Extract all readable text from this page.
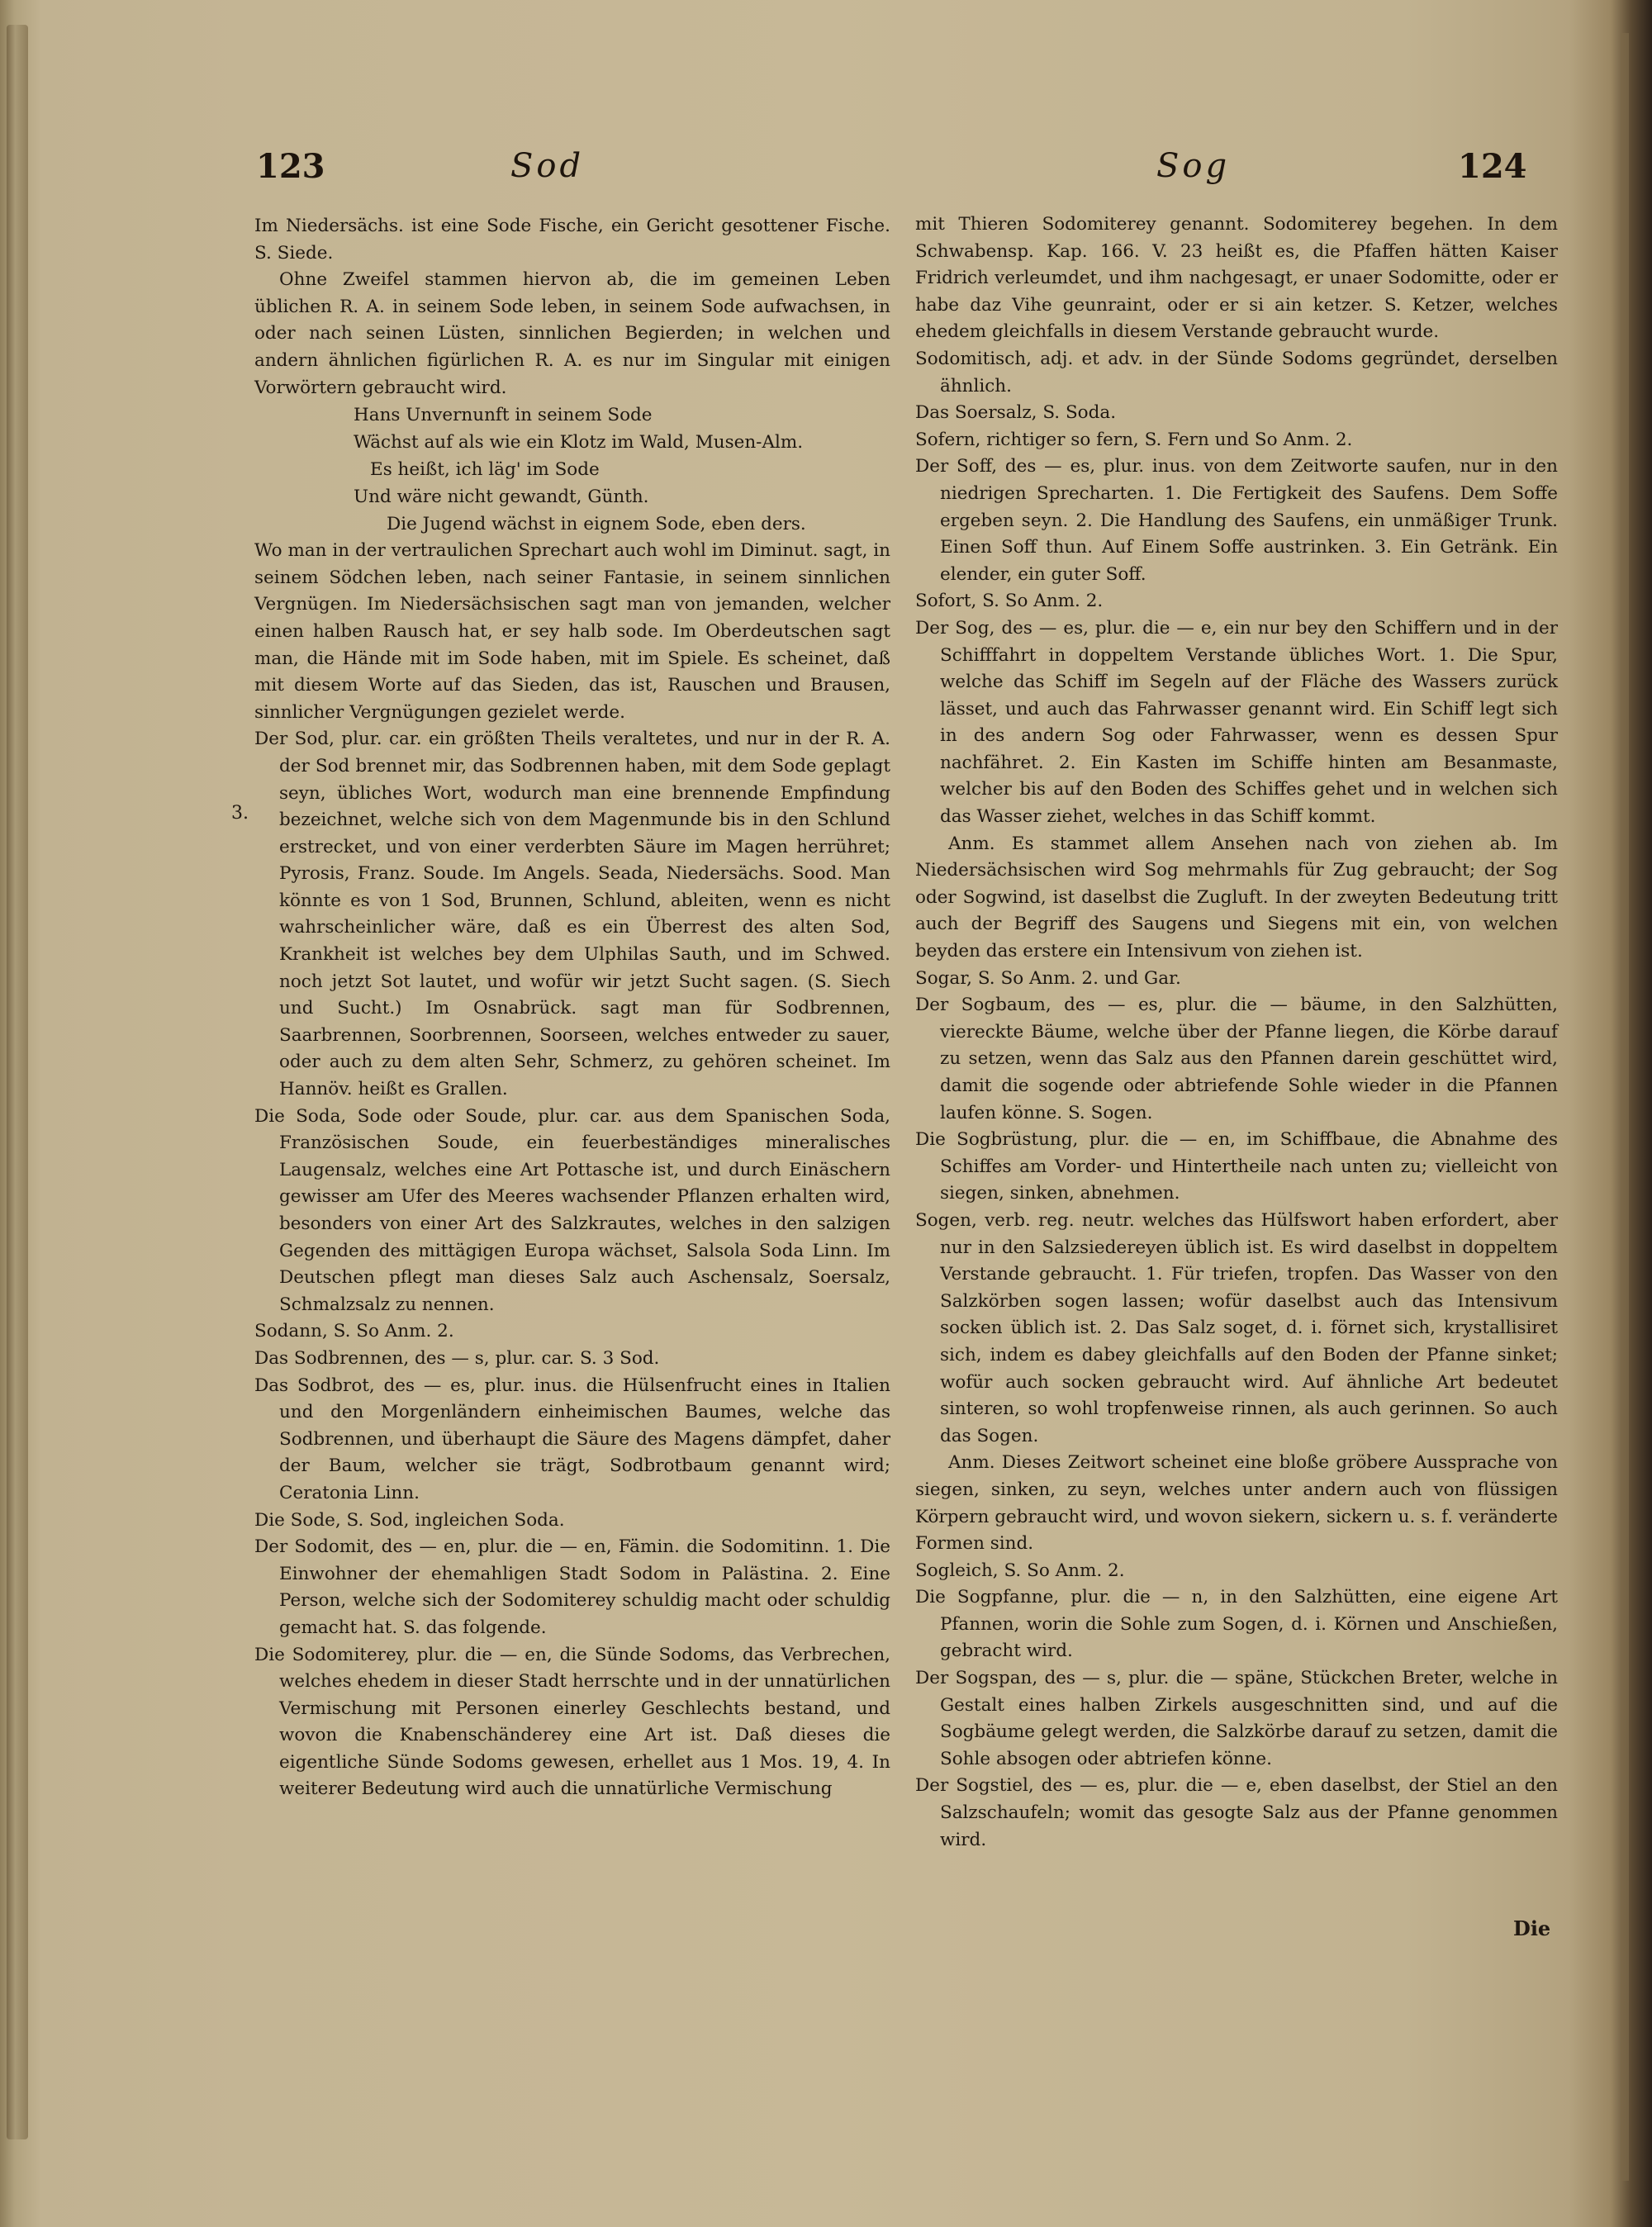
123	Sod	Sog	124

Im Niedersächs. ist eine Sode Fische, ein Gericht gesottener Fische. S. Siede.

Ohne Zweifel stammen hiervon ab, die im gemeinen Leben üblichen R. A. in seinem Sode leben, in seinem Sode aufwachsen, in oder nach seinen Lüsten, sinnlichen Begierden; in welchen und andern ähnlichen figürlichen R. A. es nur im Singular mit einigen Vorwörtern gebraucht wird.

Hans Unvernunft in seinem Sode

Wächst auf als wie ein Klotz im Wald, Musen-Alm.

Es heißt, ich läg' im Sode

Und wäre nicht gewandt, Günth.

Die Jugend wächst in eignem Sode, eben ders.

Wo man in der vertraulichen Sprechart auch wohl im Diminut. sagt, in seinem Södchen leben, nach seiner Fantasie, in seinem sinnlichen Vergnügen. Im Niedersächsischen sagt man von jemanden, welcher einen halben Rausch hat, er sey halb sode. Im Oberdeutschen sagt man, die Hände mit im Sode haben, mit im Spiele. Es scheinet, daß mit diesem Worte auf das Sieden, das ist, Rauschen und Brausen, sinnlicher Vergnügungen gezielet werde.

Der Sod, plur. car. ein größten Theils veraltetes, und nur in der R. A. der Sod brennet mir, das Sodbrennen haben, mit dem Sode geplagt seyn, übliches Wort, wodurch man eine brennende Empfindung bezeichnet, welche sich von dem Magenmunde bis in den Schlund erstrecket, und von einer verderbten Säure im Magen herrühret; Pyrosis, Franz. Soude. Im Angels. Seada, Niedersächs. Sood. Man könnte es von 1 Sod, Brunnen, Schlund, ableiten, wenn es nicht wahrscheinlicher wäre, daß es ein Überrest des alten Sod, Krankheit ist welches bey dem Ulphilas Sauth, und im Schwed. noch jetzt Sot lautet, und wofür wir jetzt Sucht sagen. (S. Siech und Sucht.) Im Osnabrück. sagt man für Sodbrennen, Saarbrennen, Soorbrennen, Soorseen, welches entweder zu sauer, oder auch zu dem alten Sehr, Schmerz, zu gehören scheinet. Im Hannöv. heißt es Grallen.

Die Soda, Sode oder Soude, plur. car. aus dem Spanischen Soda, Französischen Soude, ein feuerbeständiges mineralisches Laugensalz, welches eine Art Pottasche ist, und durch Einäschern gewisser am Ufer des Meeres wachsender Pflanzen erhalten wird, besonders von einer Art des Salzkrautes, welches in den salzigen Gegenden des mittägigen Europa wächset, Salsola Soda Linn. Im Deutschen pflegt man dieses Salz auch Aschensalz, Soersalz, Schmalzsalz zu nennen.

Sodann, S. So Anm. 2.

Das Sodbrennen, des — s, plur. car. S. 3 Sod.

Das Sodbrot, des — es, plur. inus. die Hülsenfrucht eines in Italien und den Morgenländern einheimischen Baumes, welche das Sodbrennen, und überhaupt die Säure des Magens dämpfet, daher der Baum, welcher sie trägt, Sodbrotbaum genannt wird; Ceratonia Linn.

Die Sode, S. Sod, ingleichen Soda.

Der Sodomit, des — en, plur. die — en, Fämin. die Sodomitinn. 1. Die Einwohner der ehemahligen Stadt Sodom in Palästina. 2. Eine Person, welche sich der Sodomiterey schuldig macht oder schuldig gemacht hat. S. das folgende.

Die Sodomiterey, plur. die — en, die Sünde Sodoms, das Verbrechen, welches ehedem in dieser Stadt herrschte und in der unnatürlichen Vermischung mit Personen einerley Geschlechts bestand, und wovon die Knabenschänderey eine Art ist. Daß dieses die eigentliche Sünde Sodoms gewesen, erhellet aus 1 Mos. 19, 4. In weiterer Bedeutung wird auch die unnatürliche Vermischung

3.

mit Thieren Sodomiterey genannt. Sodomiterey begehen. In dem Schwabensp. Kap. 166. V. 23 heißt es, die Pfaffen hätten Kaiser Fridrich verleumdet, und ihm nachgesagt, er unaer Sodomitte, oder er habe daz Vihe geunraint, oder er si ain ketzer. S. Ketzer, welches ehedem gleichfalls in diesem Verstande gebraucht wurde.

Sodomitisch, adj. et adv. in der Sünde Sodoms gegründet, derselben ähnlich.

Das Soersalz, S. Soda.

Sofern, richtiger so fern, S. Fern und So Anm. 2.

Der Soff, des — es, plur. inus. von dem Zeitworte saufen, nur in den niedrigen Sprecharten. 1. Die Fertigkeit des Saufens. Dem Soffe ergeben seyn. 2. Die Handlung des Saufens, ein unmäßiger Trunk. Einen Soff thun. Auf Einem Soffe austrinken. 3. Ein Getränk. Ein elender, ein guter Soff.

Sofort, S. So Anm. 2.

Der Sog, des — es, plur. die — e, ein nur bey den Schiffern und in der Schifffahrt in doppeltem Verstande übliches Wort. 1. Die Spur, welche das Schiff im Segeln auf der Fläche des Wassers zurück lässet, und auch das Fahrwasser genannt wird. Ein Schiff legt sich in des andern Sog oder Fahrwasser, wenn es dessen Spur nachfähret. 2. Ein Kasten im Schiffe hinten am Besanmaste, welcher bis auf den Boden des Schiffes gehet und in welchen sich das Wasser ziehet, welches in das Schiff kommt.

Anm. Es stammet allem Ansehen nach von ziehen ab. Im Niedersächsischen wird Sog mehrmahls für Zug gebraucht; der Sog oder Sogwind, ist daselbst die Zugluft. In der zweyten Bedeutung tritt auch der Begriff des Saugens und Siegens mit ein, von welchen beyden das erstere ein Intensivum von ziehen ist.

Sogar, S. So Anm. 2. und Gar.

Der Sogbaum, des — es, plur. die — bäume, in den Salzhütten, viereckte Bäume, welche über der Pfanne liegen, die Körbe darauf zu setzen, wenn das Salz aus den Pfannen darein geschüttet wird, damit die sogende oder abtriefende Sohle wieder in die Pfannen laufen könne. S. Sogen.

Die Sogbrüstung, plur. die — en, im Schiffbaue, die Abnahme des Schiffes am Vorder- und Hintertheile nach unten zu; vielleicht von siegen, sinken, abnehmen.

Sogen, verb. reg. neutr. welches das Hülfswort haben erfordert, aber nur in den Salzsiedereyen üblich ist. Es wird daselbst in doppeltem Verstande gebraucht. 1. Für triefen, tropfen. Das Wasser von den Salzkörben sogen lassen; wofür daselbst auch das Intensivum socken üblich ist. 2. Das Salz soget, d. i. förnet sich, krystallisiret sich, indem es dabey gleichfalls auf den Boden der Pfanne sinket; wofür auch socken gebraucht wird. Auf ähnliche Art bedeutet sinteren, so wohl tropfenweise rinnen, als auch gerinnen. So auch das Sogen.

Anm. Dieses Zeitwort scheinet eine bloße gröbere Aussprache von siegen, sinken, zu seyn, welches unter andern auch von flüssigen Körpern gebraucht wird, und wovon siekern, sickern u. s. f. veränderte Formen sind.

Sogleich, S. So Anm. 2.

Die Sogpfanne, plur. die — n, in den Salzhütten, eine eigene Art Pfannen, worin die Sohle zum Sogen, d. i. Körnen und Anschießen, gebracht wird.

Der Sogspan, des — s, plur. die — späne, Stückchen Breter, welche in Gestalt eines halben Zirkels ausgeschnitten sind, und auf die Sogbäume gelegt werden, die Salzkörbe darauf zu setzen, damit die Sohle absogen oder abtriefen könne.

Der Sogstiel, des — es, plur. die — e, eben daselbst, der Stiel an den Salzschaufeln; womit das gesogte Salz aus der Pfanne genommen wird.

Die
